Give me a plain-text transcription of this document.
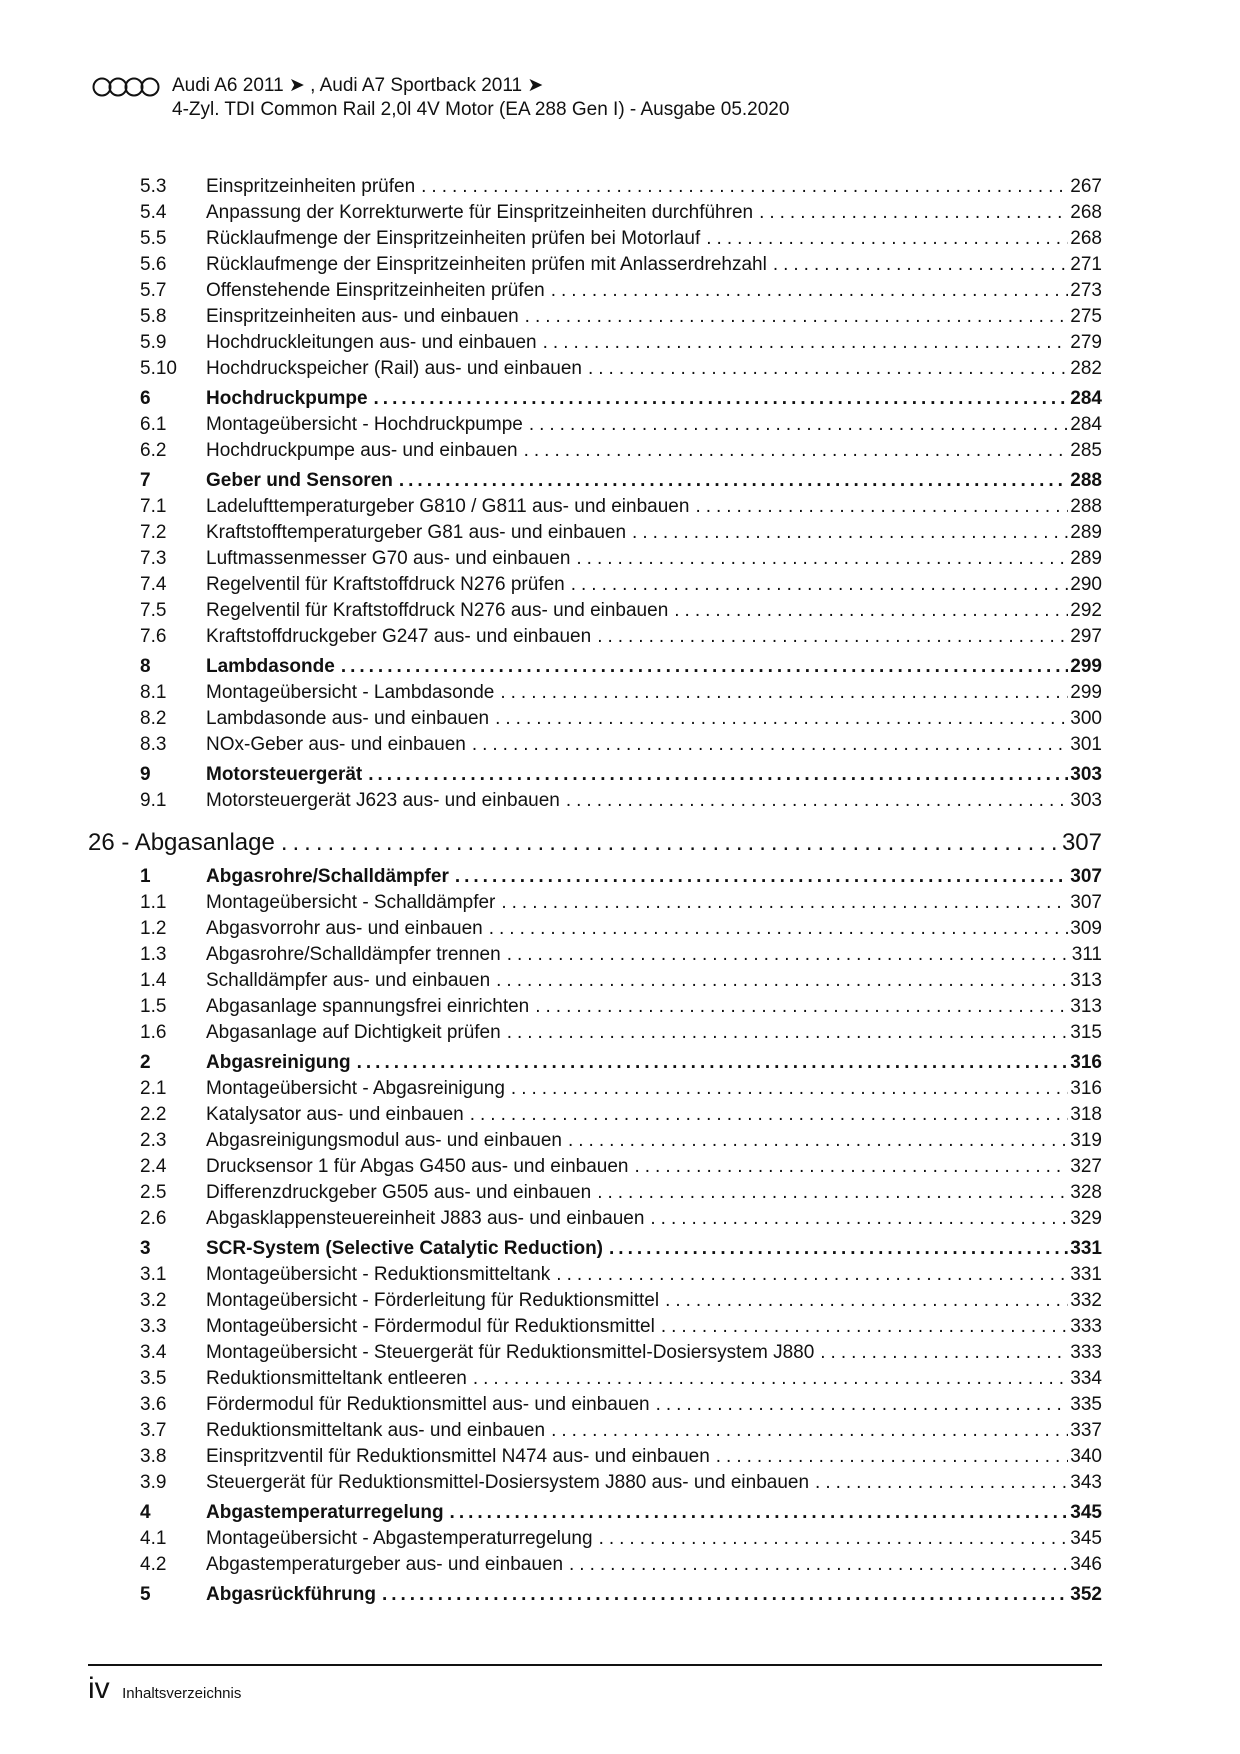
Audi A6 2011 ➤ , Audi A7 Sportback 2011 ➤
4-Zyl. TDI Common Rail 2,0l 4V Motor (EA 288 Gen I) - Ausgabe 05.2020
5.3	Einspritzeinheiten prüfen .....	267
5.4	Anpassung der Korrekturwerte für Einspritzeinheiten durchführen .....	268
5.5	Rücklaufmenge der Einspritzeinheiten prüfen bei Motorlauf .....	268
5.6	Rücklaufmenge der Einspritzeinheiten prüfen mit Anlasserdrehzahl .....	271
5.7	Offenstehende Einspritzeinheiten prüfen .....	273
5.8	Einspritzeinheiten aus- und einbauen .....	275
5.9	Hochdruckleitungen aus- und einbauen .....	279
5.10	Hochdruckspeicher (Rail) aus- und einbauen .....	282
6	Hochdruckpumpe .....	284
6.1	Montageübersicht - Hochdruckpumpe .....	284
6.2	Hochdruckpumpe aus- und einbauen .....	285
7	Geber und Sensoren .....	288
7.1	Ladelufttemperaturgeber G810 / G811 aus- und einbauen .....	288
7.2	Kraftstofftemperaturgeber G81 aus- und einbauen .....	289
7.3	Luftmassenmesser G70 aus- und einbauen .....	289
7.4	Regelventil für Kraftstoffdruck N276 prüfen .....	290
7.5	Regelventil für Kraftstoffdruck N276 aus- und einbauen .....	292
7.6	Kraftstoffdruckgeber G247 aus- und einbauen .....	297
8	Lambdasonde .....	299
8.1	Montageübersicht - Lambdasonde .....	299
8.2	Lambdasonde aus- und einbauen .....	300
8.3	NOx-Geber aus- und einbauen .....	301
9	Motorsteuergerät .....	303
9.1	Motorsteuergerät J623 aus- und einbauen .....	303
26 - Abgasanlage .....	307
1	Abgasrohre/Schalldämpfer .....	307
1.1	Montageübersicht - Schalldämpfer .....	307
1.2	Abgasvorrohr aus- und einbauen .....	309
1.3	Abgasrohre/Schalldämpfer trennen .....	311
1.4	Schalldämpfer aus- und einbauen .....	313
1.5	Abgasanlage spannungsfrei einrichten .....	313
1.6	Abgasanlage auf Dichtigkeit prüfen .....	315
2	Abgasreinigung .....	316
2.1	Montageübersicht - Abgasreinigung .....	316
2.2	Katalysator aus- und einbauen .....	318
2.3	Abgasreinigungsmodul aus- und einbauen .....	319
2.4	Drucksensor 1 für Abgas G450 aus- und einbauen .....	327
2.5	Differenzdruckgeber G505 aus- und einbauen .....	328
2.6	Abgasklappensteuereinheit J883 aus- und einbauen .....	329
3	SCR-System (Selective Catalytic Reduction) .....	331
3.1	Montageübersicht - Reduktionsmitteltank .....	331
3.2	Montageübersicht - Förderleitung für Reduktionsmittel .....	332
3.3	Montageübersicht - Fördermodul für Reduktionsmittel .....	333
3.4	Montageübersicht - Steuergerät für Reduktionsmittel-Dosiersystem J880 .....	333
3.5	Reduktionsmitteltank entleeren .....	334
3.6	Fördermodul für Reduktionsmittel aus- und einbauen .....	335
3.7	Reduktionsmitteltank aus- und einbauen .....	337
3.8	Einspritzventil für Reduktionsmittel N474 aus- und einbauen .....	340
3.9	Steuergerät für Reduktionsmittel-Dosiersystem J880 aus- und einbauen .....	343
4	Abgastemperaturregelung .....	345
4.1	Montageübersicht - Abgastemperaturregelung .....	345
4.2	Abgastemperaturgeber aus- und einbauen .....	346
5	Abgasrückführung .....	352
iv Inhaltsverzeichnis
